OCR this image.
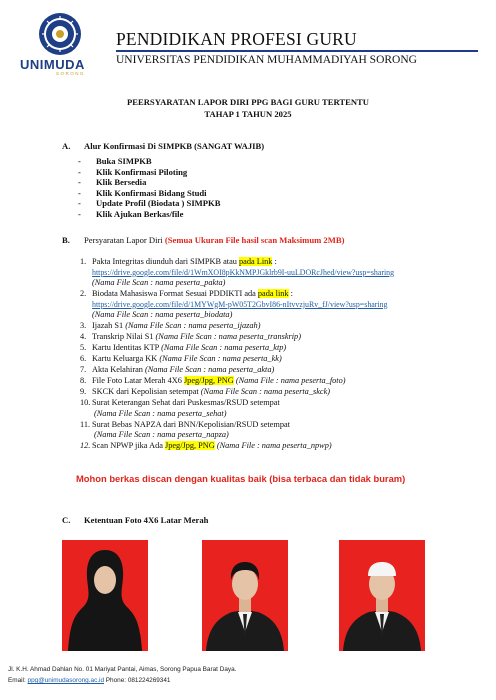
UNIMUDA
SORONG
PENDIDIKAN PROFESI GURU
UNIVERSITAS PENDIDIKAN MUHAMMADIYAH SORONG
PEERSYARATAN LAPOR DIRI PPG BAGI GURU TERTENTU
TAHAP 1 TAHUN 2025
A. Alur Konfirmasi Di SIMPKB (SANGAT WAJIB)
- Buka SIMPKB
- Klik Konfirmasi Piloting
- Klik Bersedia
- Klik Konfirmasi Bidang Studi
- Update Profil (Biodata ) SIMPKB
- Klik Ajukan Berkas/file
B. Persyaratan Lapor Diri (Semua Ukuran File hasil scan Maksimum 2MB)
1. Pakta Integritas diunduh dari SIMPKB atau pada Link :
https://drive.google.com/file/d/1WmXOI8pKkNMPJGklrb9I-uuLDORcJhed/view?usp=sharing
(Nama File Scan : nama peserta_pakta)
2. Biodata Mahasiswa Format Sesuai PDDIKTI ada pada link :
https://drive.google.com/file/d/1MYWgM-pW05T2GbvI86-nItvvzjuRv_fJ/view?usp=sharing
(Nama File Scan : nama peserta_biodata)
3. Ijazah S1 (Nama File Scan : nama peserta_ijazah)
4. Transkrip Nilai S1 (Nama File Scan : nama peserta_transkrip)
5. Kartu Identitas KTP (Nama File Scan : nama peserta_ktp)
6. Kartu Keluarga KK (Nama File Scan : nama peserta_kk)
7. Akta Kelahiran (Nama File Scan : nama peserta_akta)
8. File Foto Latar Merah 4X6 Jpeg/Jpg, PNG (Nama File : nama peserta_foto)
9. SKCK dari Kepolisian setempat (Nama File Scan : nama peserta_skck)
10. Surat Keterangan Sehat dari Puskesmas/RSUD setempat
(Nama File Scan : nama peserta_sehat)
11. Surat Bebas NAPZA dari BNN/Kepolisian/RSUD setempat
(Nama File Scan : nama peserta_napza)
12. Scan NPWP jika Ada Jpeg/Jpg, PNG (Nama File : nama peserta_npwp)
Mohon berkas discan dengan kualitas baik (bisa terbaca dan tidak buram)
C. Ketentuan Foto 4X6 Latar Merah
Jl. K.H. Ahmad Dahlan No. 01 Mariyat Pantai, Aimas, Sorong Papua Barat Daya.
Email: ppg@unimudasorong.ac.id Phone: 081224269341
